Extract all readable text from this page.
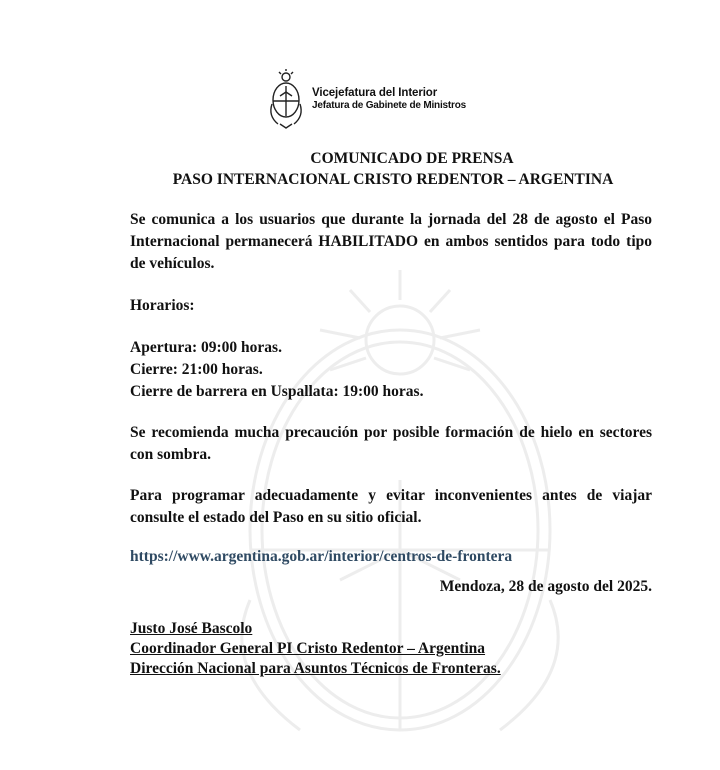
Vicejefatura del Interior
Jefatura de Gabinete de Ministros
COMUNICADO DE PRENSA
PASO INTERNACIONAL CRISTO REDENTOR – ARGENTINA
Se comunica a los usuarios que durante la jornada del 28 de agosto el Paso Internacional permanecerá HABILITADO en ambos sentidos para todo tipo de vehículos.
Horarios:
Apertura: 09:00 horas.
Cierre: 21:00 horas.
Cierre de barrera en Uspallata: 19:00 horas.
Se recomienda mucha precaución por posible formación de hielo en sectores con sombra.
Para programar adecuadamente y evitar inconvenientes antes de viajar consulte el estado del Paso en su sitio oficial.
https://www.argentina.gob.ar/interior/centros-de-frontera
Mendoza, 28 de agosto del 2025.
Justo José Bascolo
Coordinador General PI Cristo Redentor – Argentina
Dirección Nacional para Asuntos Técnicos de Fronteras.
